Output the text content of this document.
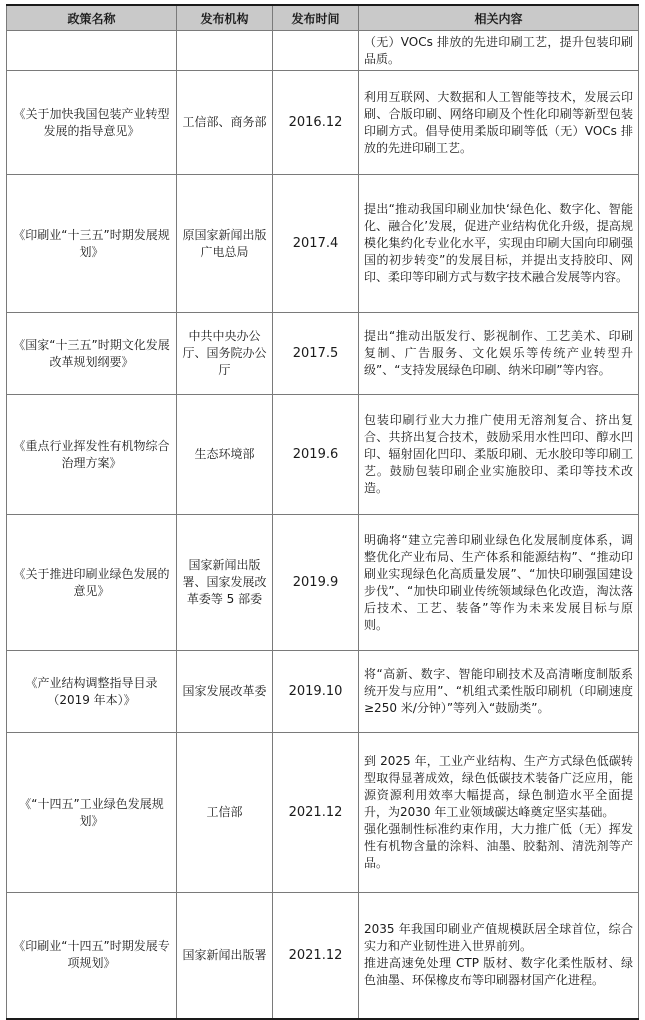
政策名称	发布机构	发布时间	相关内容
			（无）VOCs 排放的先进印刷工艺，提升包装印刷品质。
《关于加快我国包装产业转型发展的指导意见》	工信部、商务部	2016.12	利用互联网、大数据和人工智能等技术，发展云印刷、合版印刷、网络印刷及个性化印刷等新型包装印刷方式。倡导使用柔版印刷等低（无）VOCs 排放的先进印刷工艺。
《印刷业“十三五”时期发展规划》	原国家新闻出版广电总局	2017.4	提出“推动我国印刷业加快‘绿色化、数字化、智能化、融合化’发展，促进产业结构优化升级，提高规模化集约化专业化水平，实现由印刷大国向印刷强国的初步转变”的发展目标，并提出支持胶印、网印、柔印等印刷方式与数字技术融合发展等内容。
《国家“十三五”时期文化发展改革规划纲要》	中共中央办公厅、国务院办公厅	2017.5	提出“推动出版发行、影视制作、工艺美术、印刷复制、广告服务、文化娱乐等传统产业转型升级”、“支持发展绿色印刷、纳米印刷”等内容。
《重点行业挥发性有机物综合治理方案》	生态环境部	2019.6	包装印刷行业大力推广使用无溶剂复合、挤出复合、共挤出复合技术，鼓励采用水性凹印、醇水凹印、辐射固化凹印、柔版印刷、无水胶印等印刷工艺。鼓励包装印刷企业实施胶印、柔印等技术改造。
《关于推进印刷业绿色发展的意见》	国家新闻出版署、国家发展改革委等 5 部委	2019.9	明确将“建立完善印刷业绿色化发展制度体系，调整优化产业布局、生产体系和能源结构”、“推动印刷业实现绿色化高质量发展”、“加快印刷强国建设步伐”、“加快印刷业传统领域绿色化改造，淘汰落后技术、工艺、装备”等作为未来发展目标与原则。
《产业结构调整指导目录（2019 年本）》	国家发展改革委	2019.10	将“高新、数字、智能印刷技术及高清晰度制版系统开发与应用”、“机组式柔性版印刷机（印刷速度≥250 米/分钟）”等列入“鼓励类”。
《“十四五”工业绿色发展规划》	工信部	2021.12	到 2025 年，工业产业结构、生产方式绿色低碳转型取得显著成效，绿色低碳技术装备广泛应用，能源资源利用效率大幅提高，绿色制造水平全面提升，为2030 年工业领域碳达峰奠定坚实基础。
强化强制性标准约束作用，大力推广低（无）挥发性有机物含量的涂料、油墨、胶黏剂、清洗剂等产品。

《印刷业“十四五”时期发展专项规划》	国家新闻出版署	2021.12	2035 年我国印刷业产值规模跃居全球首位，综合实力和产业韧性进入世界前列。
推进高速免处理 CTP 版材、数字化柔性版材、绿色油墨、环保橡皮布等印刷器材国产化进程。
